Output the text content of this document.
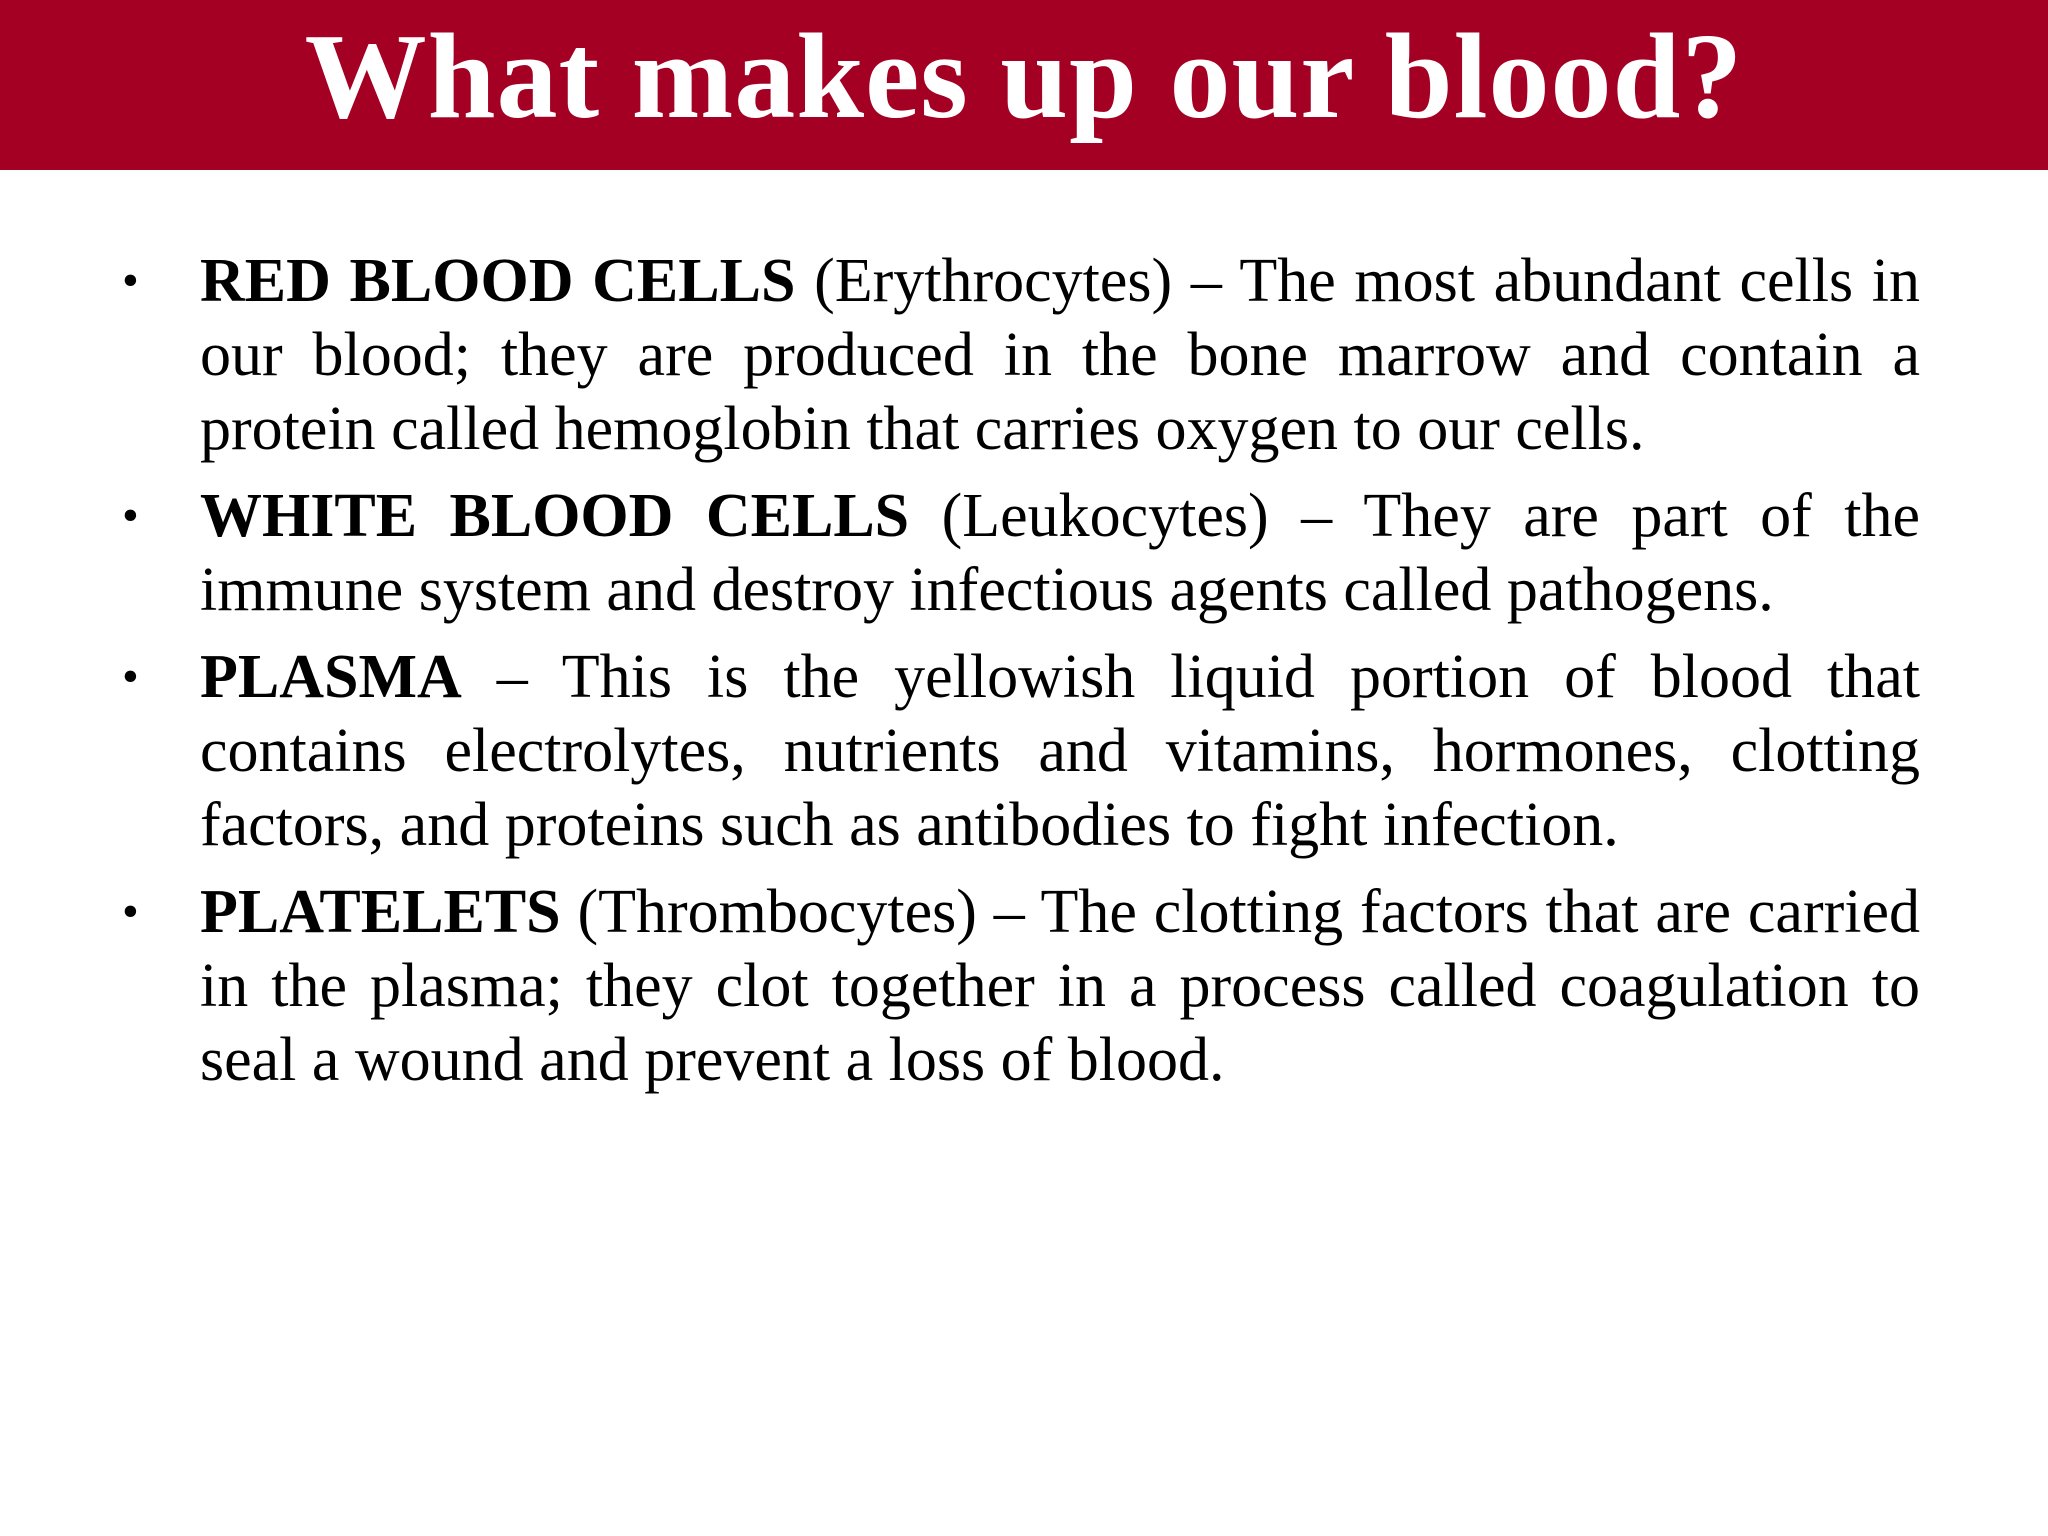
What makes up our blood?
• RED BLOOD CELLS (Erythrocytes) – The most abundant cells in our blood; they are produced in the bone marrow and contain a protein called hemoglobin that carries oxygen to our cells.
• WHITE BLOOD CELLS (Leukocytes) – They are part of the immune system and destroy infectious agents called pathogens.
• PLASMA – This is the yellowish liquid portion of blood that contains electrolytes, nutrients and vitamins, hormones, clotting factors, and proteins such as antibodies to fight infection.
• PLATELETS (Thrombocytes) – The clotting factors that are carried in the plasma; they clot together in a process called coagulation to seal a wound and prevent a loss of blood.
